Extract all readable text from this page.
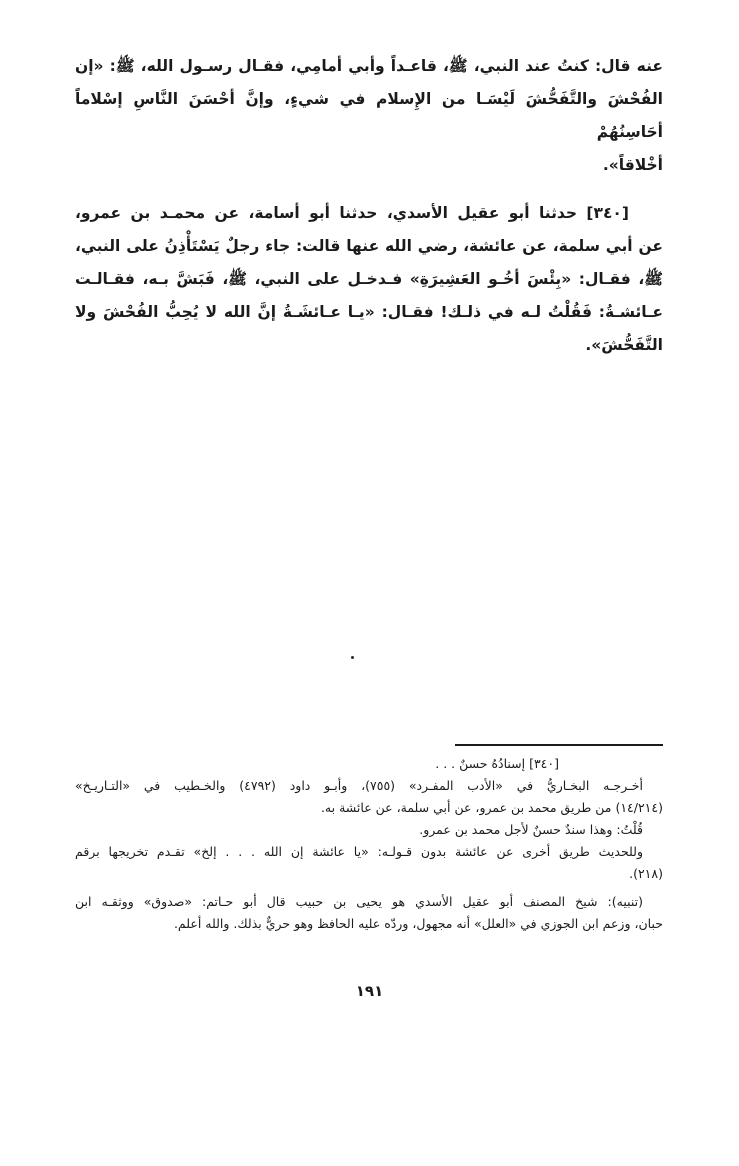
عنه قال: كنتُ عند النبي، ﷺ، قاعـداً وأبي أمامِي، فقـال رسـول الله، ﷺ: «إن
الفُحْشَ والتَّفَحُّشَ لَيْسَـا من الإِسلام في شيءٍ، وإنَّ أحْسَنَ النَّاسِ إسْلاماً أحَاسِنُهُمْ
أخْلاقاً».
[٣٤٠] حدثنا أبو عقيل الأسدي، حدثنا أبو أسامة، عن محمـد بن عمرو،
عن أبي سلمة، عن عائشة، رضي الله عنها قالت: جاء رجلٌ يَسْتَأْذِنُ على النبي،
ﷺ، فقـال: «بِئْسَ أخُـو العَشِيرَةِ» فـدخـل على النبي، ﷺ، فَبَشَّ بـه، فقـالـت
عـائشـةُ: فَقُلْتُ لـه في ذلـك! فقـال: «يـا عـائشَـةُ إنَّ الله لا يُحِبُّ الفُحْشَ ولا
التَّفَحُّشَ».
[٣٤٠] إسنادُهُ حسنٌ . . .
أخـرجـه البخـاريُّ في «الأدب المفـرد» (٧٥٥)، وأبـو داود (٤٧٩٢) والخـطيب في «التـاريـخ»
(١٤/٢١٤) من طريق محمد بن عمرو، عن أبي سلمة، عن عائشة به.
قُلْتُ: وهذا سندٌ حسنٌ لأجل محمد بن عمرو.
وللحديث طريق أخرى عن عائشة بدون قـولـه: «يا عائشة إن الله . . . إلخ» تقـدم تخريجها برقم
(٢١٨).
(تنبيه): شيخ المصنف أبو عقيل الأسدي هو يحيى بن حبيب قال أبو حـاتم: «صدوق» ووثقـه ابن
حبان، وزعم ابن الجوزي في «العلل» أنه مجهول، وردّه عليه الحافظ وهو حريٌّ بذلك. والله أعلم.
١٩١
